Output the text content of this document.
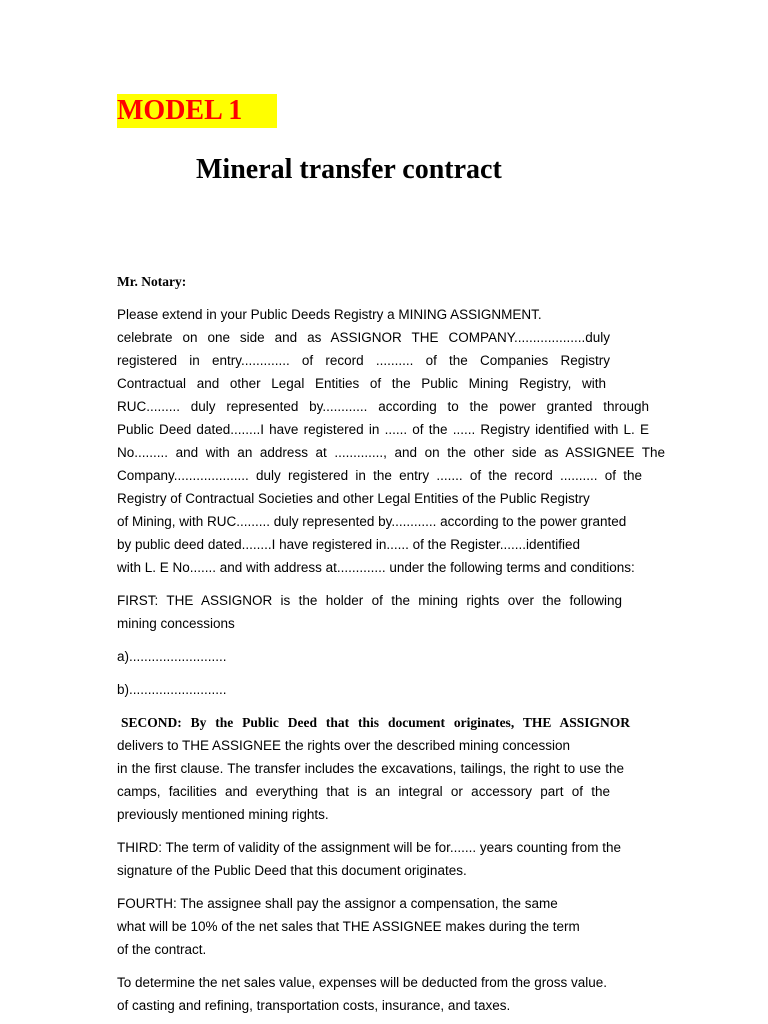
MODEL 1
Mineral transfer contract
Mr. Notary:
Please extend in your Public Deeds Registry a MINING ASSIGNMENT.
celebrate on one side and as ASSIGNOR THE COMPANY...................duly
registered in entry............. of record .......... of the Companies Registry
Contractual and other Legal Entities of the Public Mining Registry, with
RUC......... duly represented by............ according to the power granted through
Public Deed dated........I have registered in ...... of the ...... Registry identified with L. E
No......... and with an address at ............., and on the other side as ASSIGNEE The
Company.................... duly registered in the entry ....... of the record .......... of the
Registry of Contractual Societies and other Legal Entities of the Public Registry
of Mining, with RUC......... duly represented by............ according to the power granted
by public deed dated........I have registered in...... of the Register.......identified
with L. E No....... and with address at............. under the following terms and conditions:
FIRST: THE ASSIGNOR is the holder of the mining rights over the following
mining concessions
a)..........................
b)..........................
SECOND: By the Public Deed that this document originates, THE ASSIGNOR
delivers to THE ASSIGNEE the rights over the described mining concession
in the first clause. The transfer includes the excavations, tailings, the right to use the
camps, facilities and everything that is an integral or accessory part of the
previously mentioned mining rights.
THIRD: The term of validity of the assignment will be for....... years counting from the
signature of the Public Deed that this document originates.
FOURTH: The assignee shall pay the assignor a compensation, the same
what will be 10% of the net sales that THE ASSIGNEE makes during the term
of the contract.
To determine the net sales value, expenses will be deducted from the gross value.
of casting and refining, transportation costs, insurance, and taxes.
